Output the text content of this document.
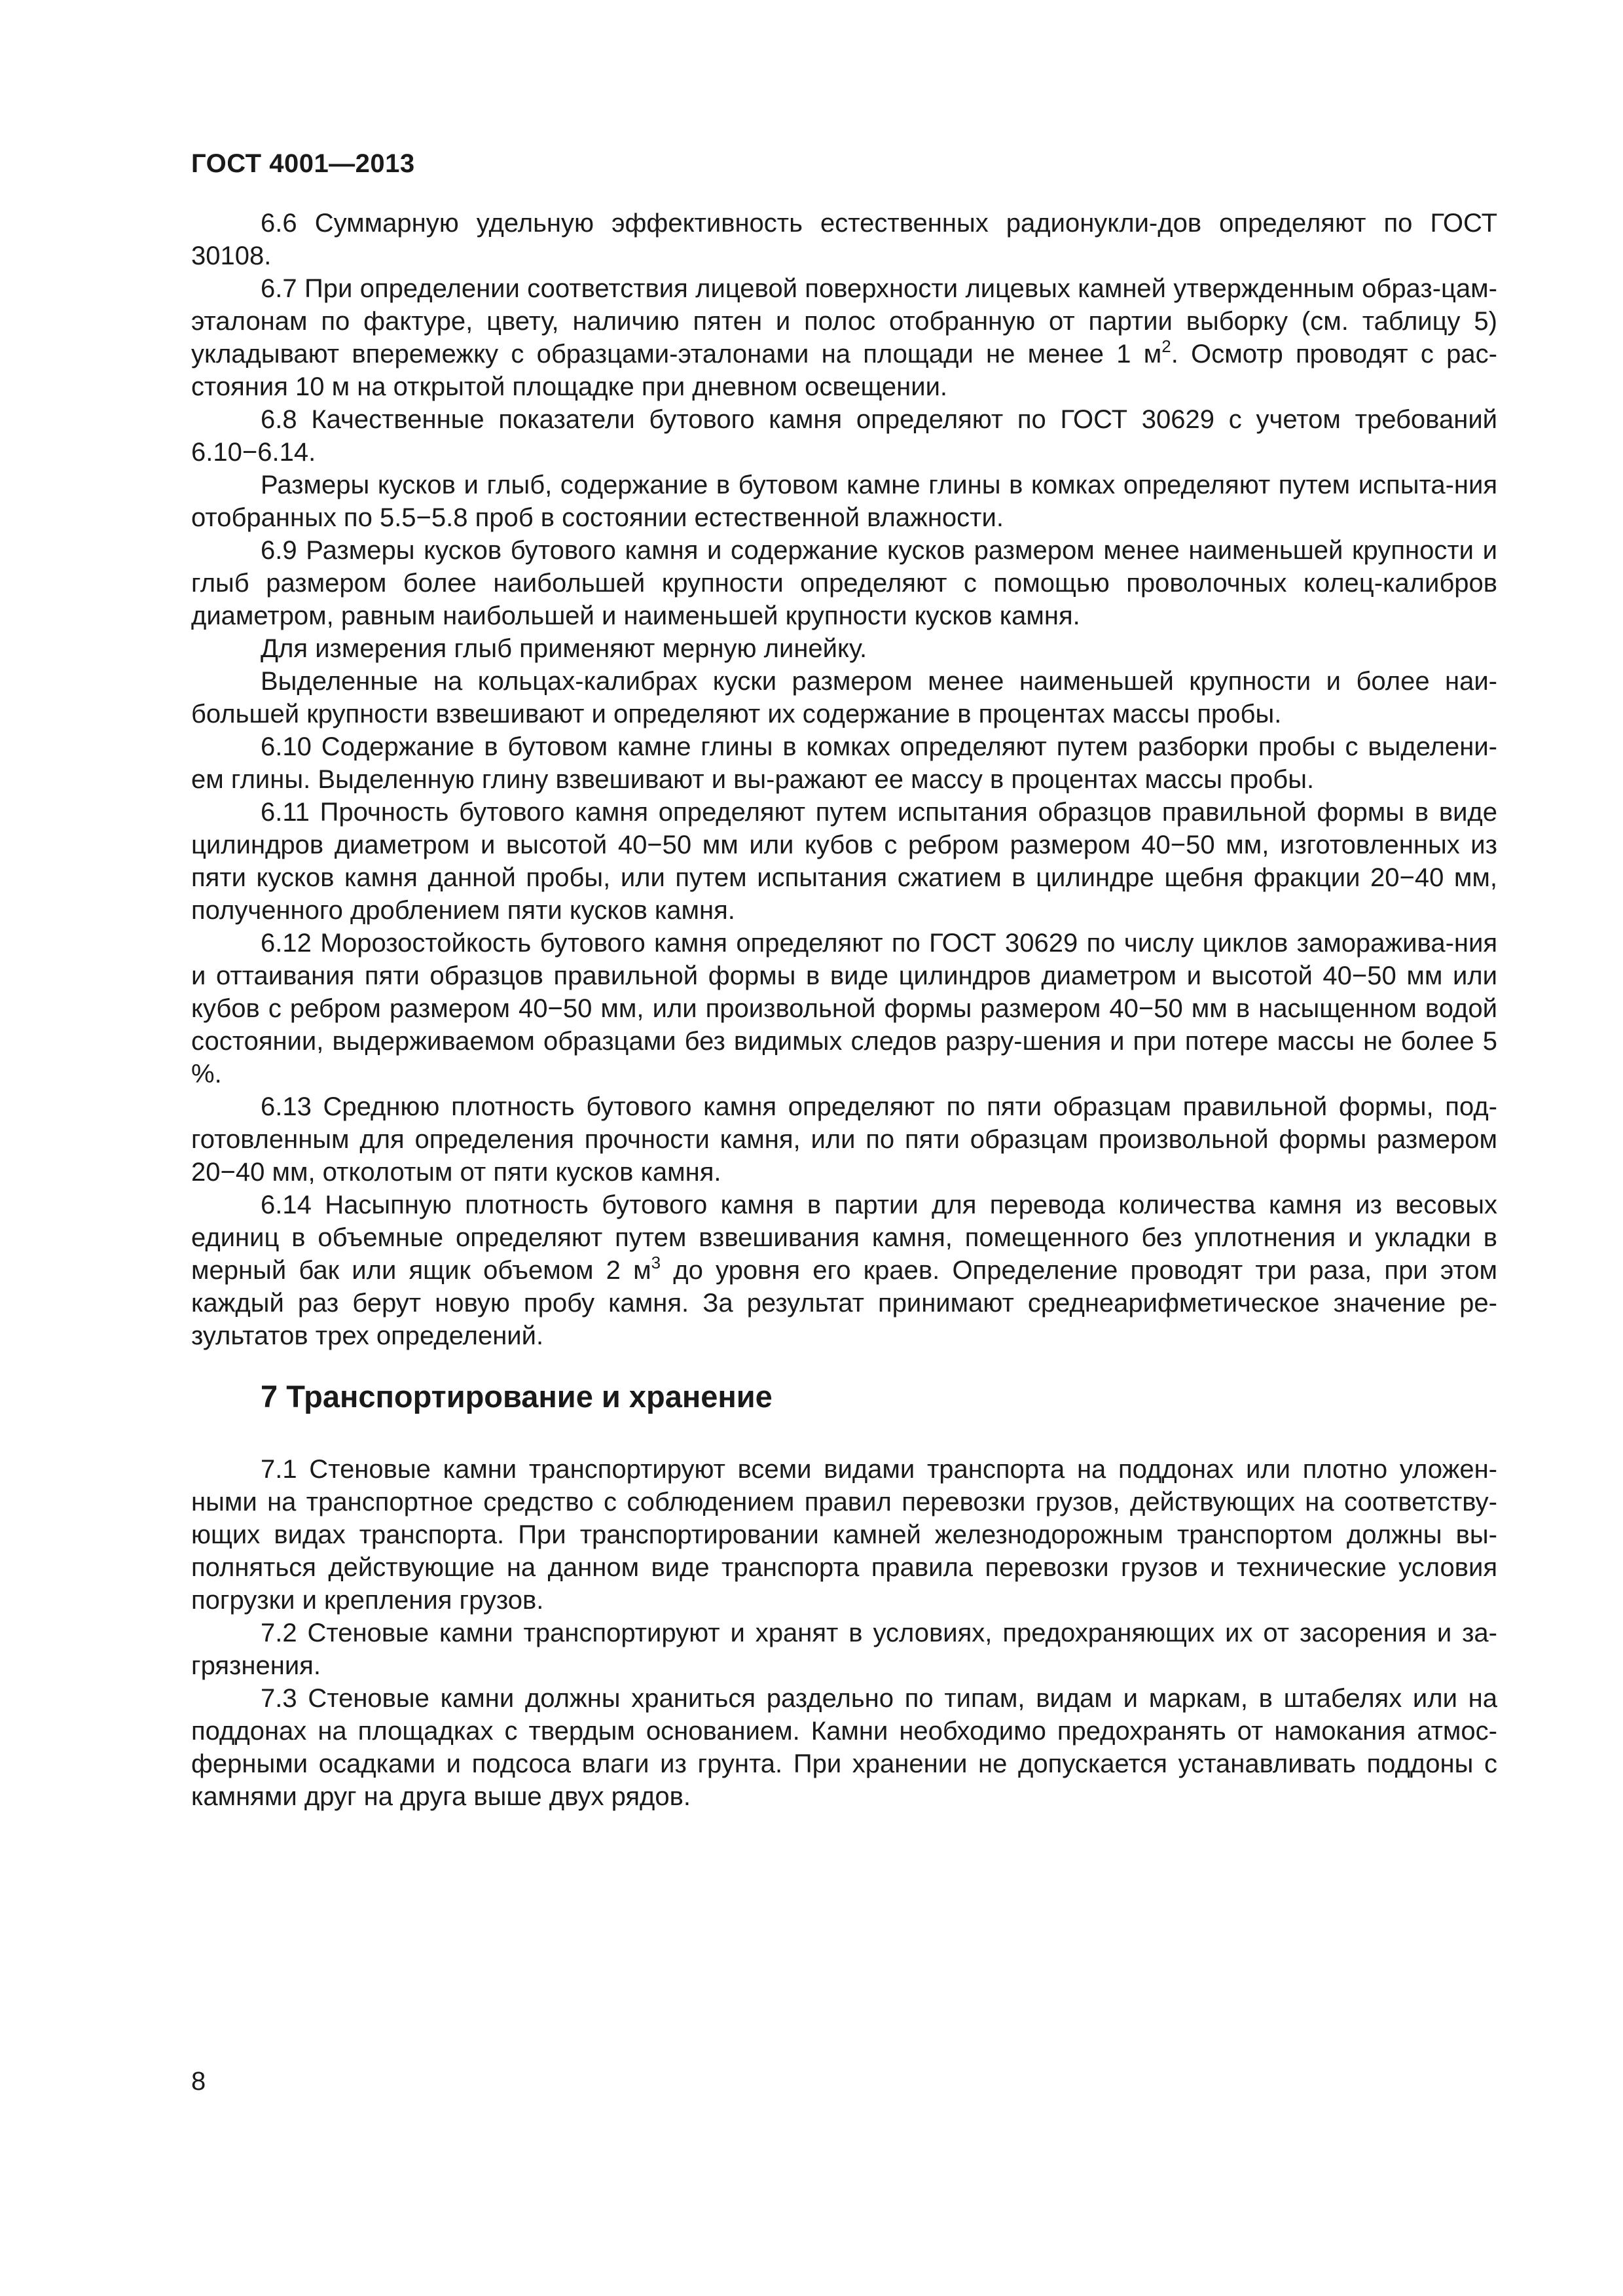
ГОСТ 4001—2013

6.6 Суммарную удельную эффективность естественных радионукли-дов определяют по ГОСТ 30108.

6.7 При определении соответствия лицевой поверхности лицевых камней утвержденным образ-цам-эталонам по фактуре, цвету, наличию пятен и полос отобранную от партии выборку (см. таблицу 5) укладывают вперемежку с образцами-эталонами на площади не менее 1 $м^2$. Осмотр проводят с рас-стояния 10 м на открытой площадке при дневном освещении.

6.8 Качественные показатели бутового камня определяют по ГОСТ 30629 с учетом требований 6.10−6.14.

Размеры кусков и глыб, содержание в бутовом камне глины в комках определяют путем испыта-ния отобранных по 5.5−5.8 проб в состоянии естественной влажности.

6.9 Размеры кусков бутового камня и содержание кусков размером менее наименьшей крупности и глыб размером более наибольшей крупности определяют с помощью проволочных колец-калибров диаметром, равным наибольшей и наименьшей крупности кусков камня.

Для измерения глыб применяют мерную линейку.

Выделенные на кольцах-калибрах куски размером менее наименьшей крупности и более наи-большей крупности взвешивают и определяют их содержание в процентах массы пробы.

6.10 Содержание в бутовом камне глины в комках определяют путем разборки пробы с выделени-ем глины. Выделенную глину взвешивают и вы-ражают ее массу в процентах массы пробы.

6.11 Прочность бутового камня определяют путем испытания образцов правильной формы в виде цилиндров диаметром и высотой 40−50 мм или кубов с ребром размером 40−50 мм, изготовленных из пяти кусков камня данной пробы, или путем испытания сжатием в цилиндре щебня фракции 20−40 мм, полученного дроблением пяти кусков камня.

6.12 Морозостойкость бутового камня определяют по ГОСТ 30629 по числу циклов заморажива-ния и оттаивания пяти образцов правильной формы в виде цилиндров диаметром и высотой 40−50 мм или кубов с ребром размером 40−50 мм, или произвольной формы размером 40−50 мм в насыщенном водой состоянии, выдерживаемом образцами без видимых следов разру-шения и при потере массы не более 5 %.

6.13 Среднюю плотность бутового камня определяют по пяти образцам правильной формы, под-готовленным для определения прочности камня, или по пяти образцам произвольной формы размером 20−40 мм, отколотым от пяти кусков камня.

6.14 Насыпную плотность бутового камня в партии для перевода количества камня из весовых единиц в объемные определяют путем взвешивания камня, помещенного без уплотнения и укладки в мерный бак или ящик объемом 2 $м^3$ до уровня его краев. Определение проводят три раза, при этом каждый раз берут новую пробу камня. За результат принимают среднеарифметическое значение ре-зультатов трех определений.

7 Транспортирование и хранение

7.1 Стеновые камни транспортируют всеми видами транспорта на поддонах или плотно уложен-ными на транспортное средство с соблюдением правил перевозки грузов, действующих на соответству-ющих видах транспорта. При транспортировании камней железнодорожным транспортом должны вы-полняться действующие на данном виде транспорта правила перевозки грузов и технические условия погрузки и крепления грузов.

7.2 Стеновые камни транспортируют и хранят в условиях, предохраняющих их от засорения и за-грязнения.

7.3 Стеновые камни должны храниться раздельно по типам, видам и маркам, в штабелях или на поддонах на площадках с твердым основанием. Камни необходимо предохранять от намокания атмос-ферными осадками и подсоса влаги из грунта. При хранении не допускается устанавливать поддоны с камнями друг на друга выше двух рядов.

8
